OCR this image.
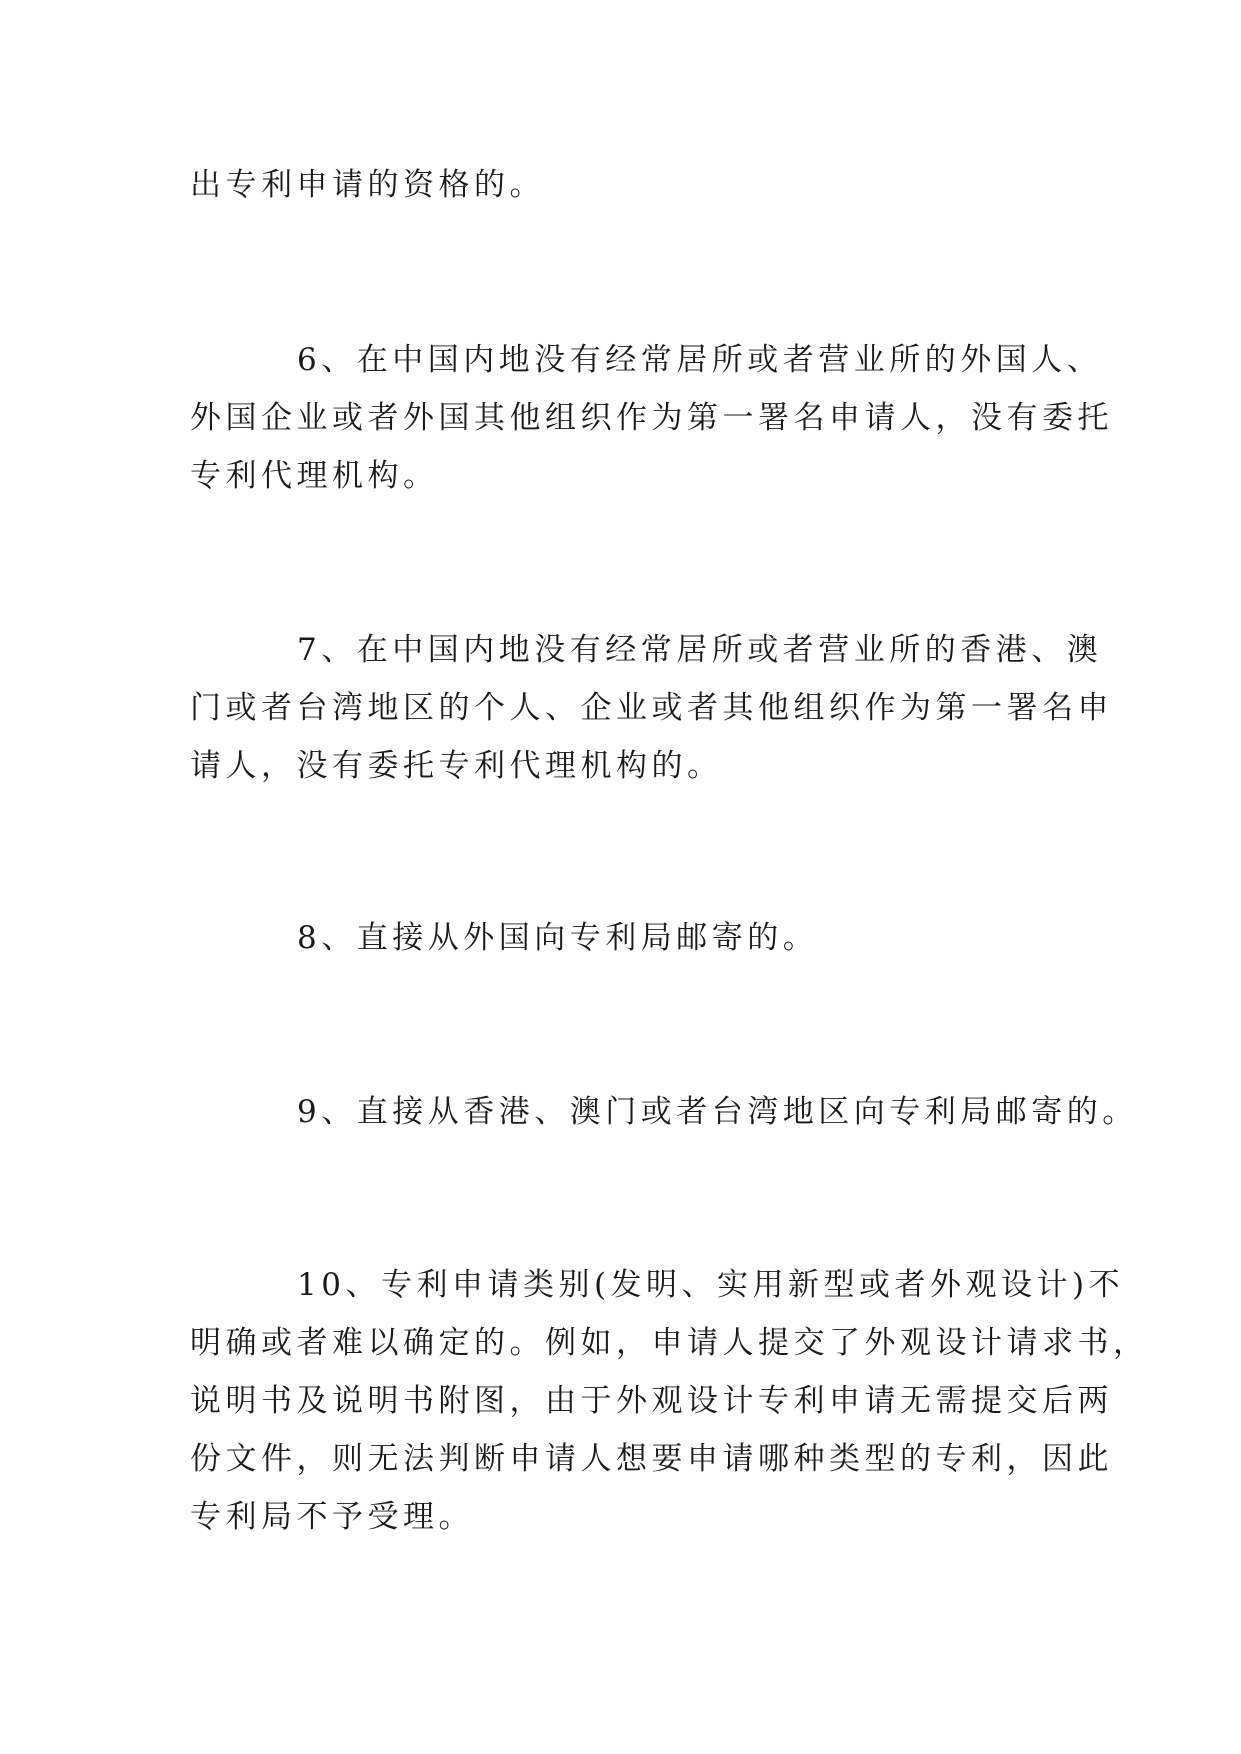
出专利申请的资格的。

6、在中国内地没有经常居所或者营业所的外国人、

外国企业或者外国其他组织作为第一署名申请人，没有委托

专利代理机构。

7、在中国内地没有经常居所或者营业所的香港、澳

门或者台湾地区的个人、企业或者其他组织作为第一署名申

请人，没有委托专利代理机构的。

8、直接从外国向专利局邮寄的。

9、直接从香港、澳门或者台湾地区向专利局邮寄的。

10、专利申请类别(发明、实用新型或者外观设计)不

明确或者难以确定的。例如，申请人提交了外观设计请求书，

说明书及说明书附图，由于外观设计专利申请无需提交后两

份文件，则无法判断申请人想要申请哪种类型的专利，因此

专利局不予受理。
